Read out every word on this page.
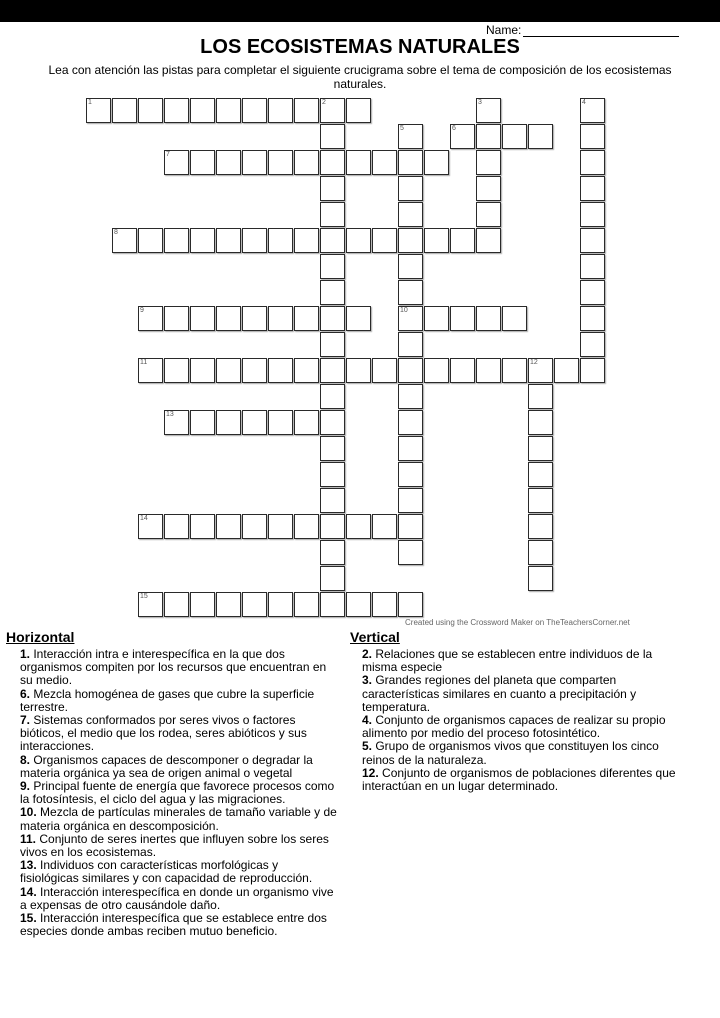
Name:
LOS ECOSISTEMAS NATURALES
Lea con atención las pistas para completar el siguiente crucigrama sobre el tema de composición de los ecosistemas naturales.
1	2	3	4
5	6
7
8
9	10
11	12
13
14
15
Created using the Crossword Maker on TheTeachersCorner.net
Horizontal
1. Interacción intra e interespecífica en la que dos organismos compiten por los recursos que encuentran en su medio.
6. Mezcla homogénea de gases que cubre la superficie terrestre.
7. Sistemas conformados por seres vivos o factores bióticos, el medio que los rodea, seres abióticos y sus interacciones.
8. Organismos capaces de descomponer o degradar la materia orgánica ya sea de origen animal o vegetal
9. Principal fuente de energía que favorece procesos como la fotosíntesis, el ciclo del agua y las migraciones.
10. Mezcla de partículas minerales de tamaño variable y de materia orgánica en descomposición.
11. Conjunto de seres inertes que influyen sobre los seres vivos en los ecosistemas.
13. Individuos con características morfológicas y fisiológicas similares y con capacidad de reproducción.
14. Interacción interespecífica en donde un organismo vive a expensas de otro causándole daño.
15. Interacción interespecífica que se establece entre dos especies donde ambas reciben mutuo beneficio.
Vertical
2. Relaciones que se establecen entre individuos de la misma especie
3. Grandes regiones del planeta que comparten características similares en cuanto a precipitación y temperatura.
4. Conjunto de organismos capaces de realizar su propio alimento por medio del proceso fotosintético.
5. Grupo de organismos vivos que constituyen los cinco reinos de la naturaleza.
12. Conjunto de organismos de poblaciones diferentes que interactúan en un lugar determinado.
